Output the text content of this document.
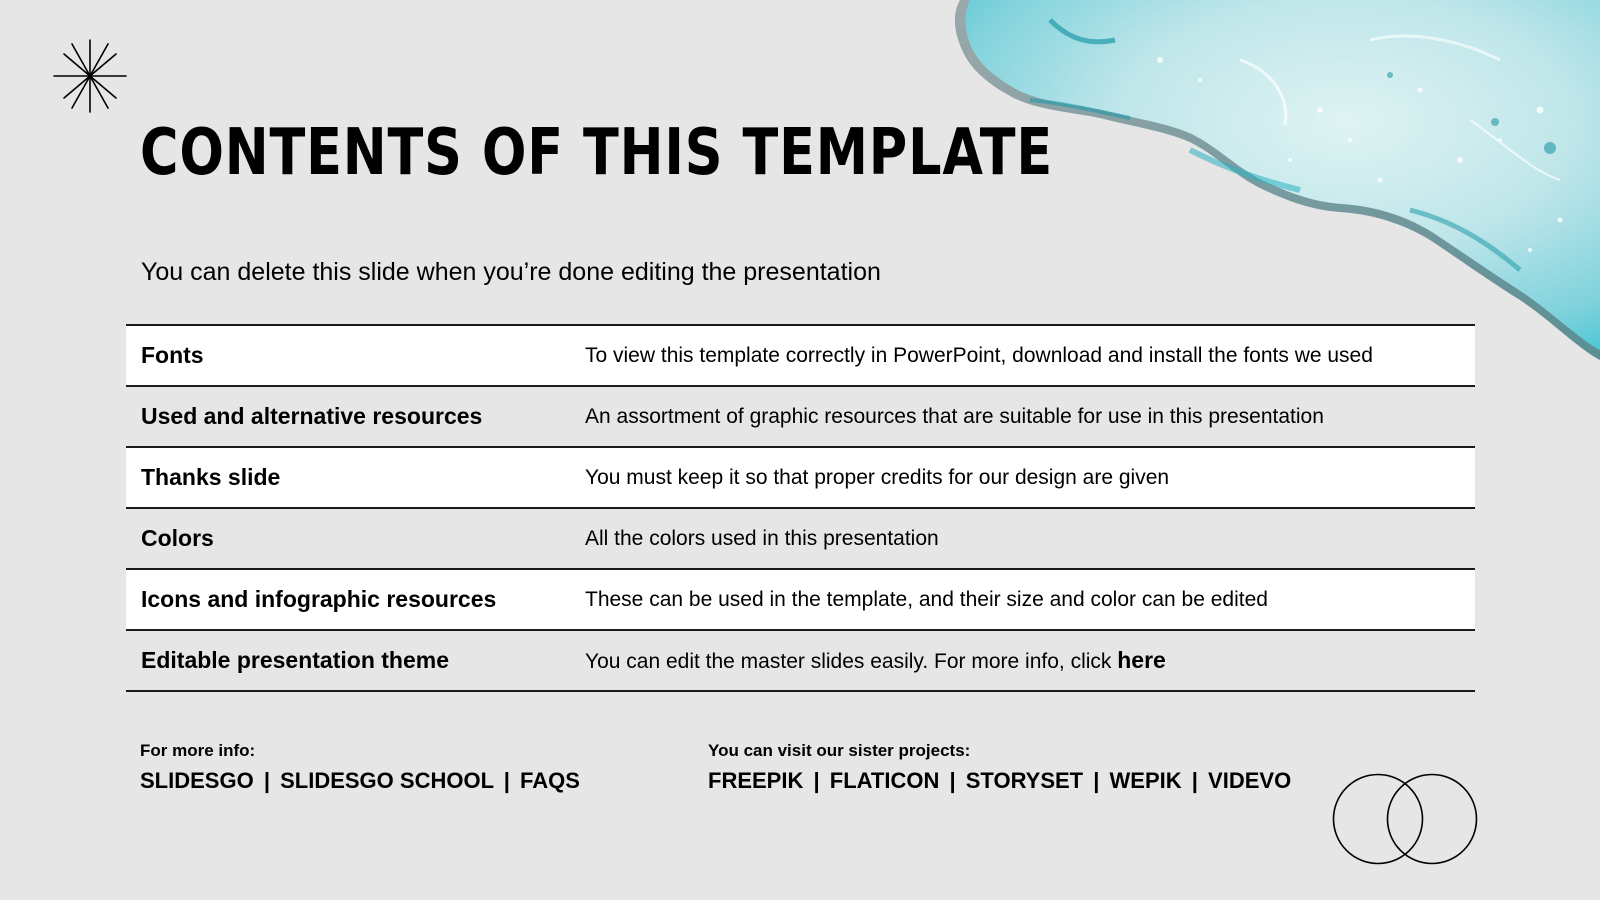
CONTENTS OF THIS TEMPLATE
You can delete this slide when you’re done editing the presentation
Fonts	To view this template correctly in PowerPoint, download and install the fonts we used
Used and alternative resources	An assortment of graphic resources that are suitable for use in this presentation
Thanks slide	You must keep it so that proper credits for our design are given
Colors	All the colors used in this presentation
Icons and infographic resources	These can be used in the template, and their size and color can be edited
Editable presentation theme	You can edit the master slides easily. For more info, click here
For more info:
SLIDESGO | SLIDESGO SCHOOL | FAQS
You can visit our sister projects:
FREEPIK | FLATICON | STORYSET | WEPIK | VIDEVO
